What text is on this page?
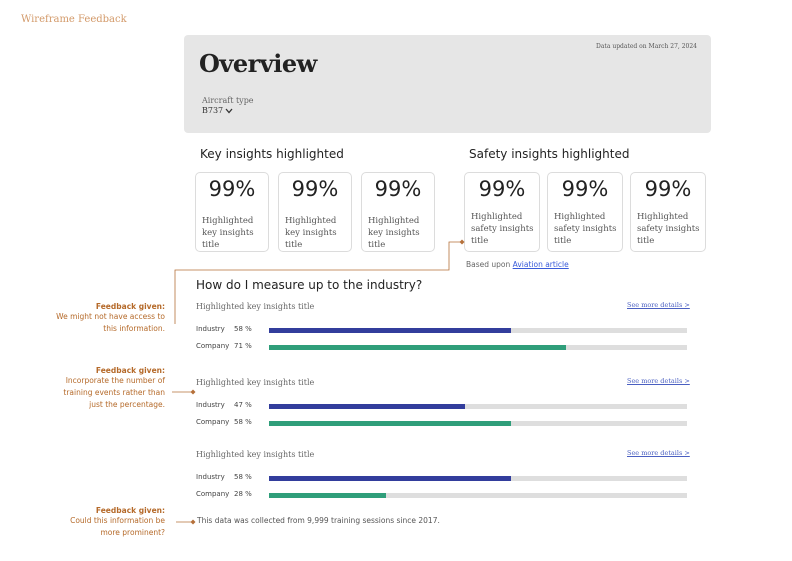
Wireframe Feedback
Data updated on March 27, 2024
Overview
Aircraft type
B737
Key insights highlighted
99%
Highlighted key insights title
99%
Highlighted key insights title
99%
Highlighted key insights title
Safety insights highlighted
99%
Highlighted safety insights title
99%
Highlighted safety insights title
99%
Highlighted safety insights title
Based upon Aviation article
How do I measure up to the industry?
Highlighted key insights title	See more details >
Industry 58 %
Company 71 %
Highlighted key insights title	See more details >
Industry 47 %
Company 58 %
Highlighted key insights title	See more details >
Industry 58 %
Company 28 %
This data was collected from 9,999 training sessions since 2017.
Feedback given:
We might not have access to
this information.
Feedback given:
Incorporate the number of
training events rather than
just the percentage.
Feedback given:
Could this information be
more prominent?
